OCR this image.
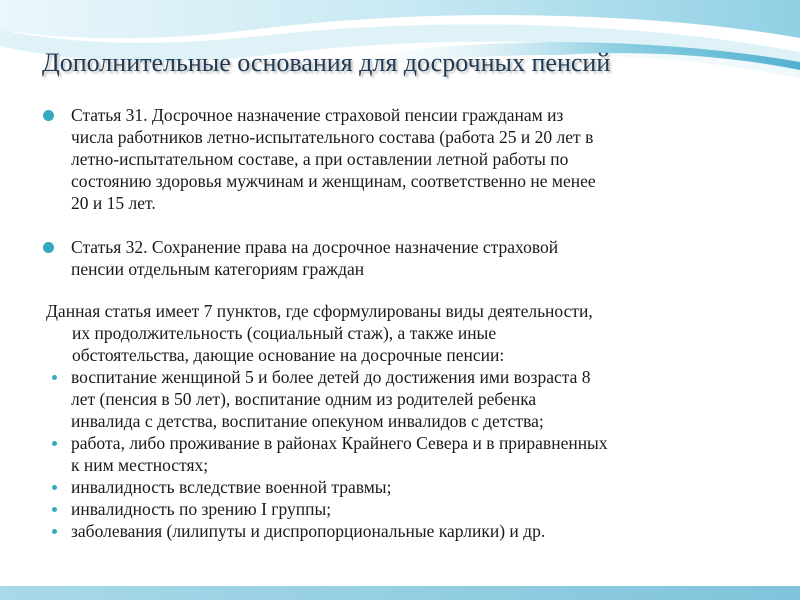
Дополнительные основания для досрочных пенсий
Статья 31. Досрочное назначение страховой пенсии гражданам из
числа работников летно-испытательного состава (работа 25 и 20 лет в
летно-испытательном составе, а при оставлении летной работы по
состоянию здоровья мужчинам и женщинам, соответственно не менее
20 и 15 лет.
Статья 32. Сохранение права на досрочное назначение страховой
пенсии отдельным категориям граждан
Данная статья имеет 7 пунктов, где сформулированы виды деятельности,
их продолжительность (социальный стаж), а также иные
обстоятельства, дающие основание на досрочные пенсии:
воспитание женщиной 5 и более детей до достижения ими возраста 8
лет (пенсия в 50 лет), воспитание одним из родителей ребенка
инвалида с детства, воспитание опекуном инвалидов с детства;
работа, либо проживание в районах Крайнего Севера и в приравненных
к ним местностях;
инвалидность вследствие военной травмы;
инвалидность по зрению I группы;
заболевания (лилипуты и диспропорциональные карлики) и др.
